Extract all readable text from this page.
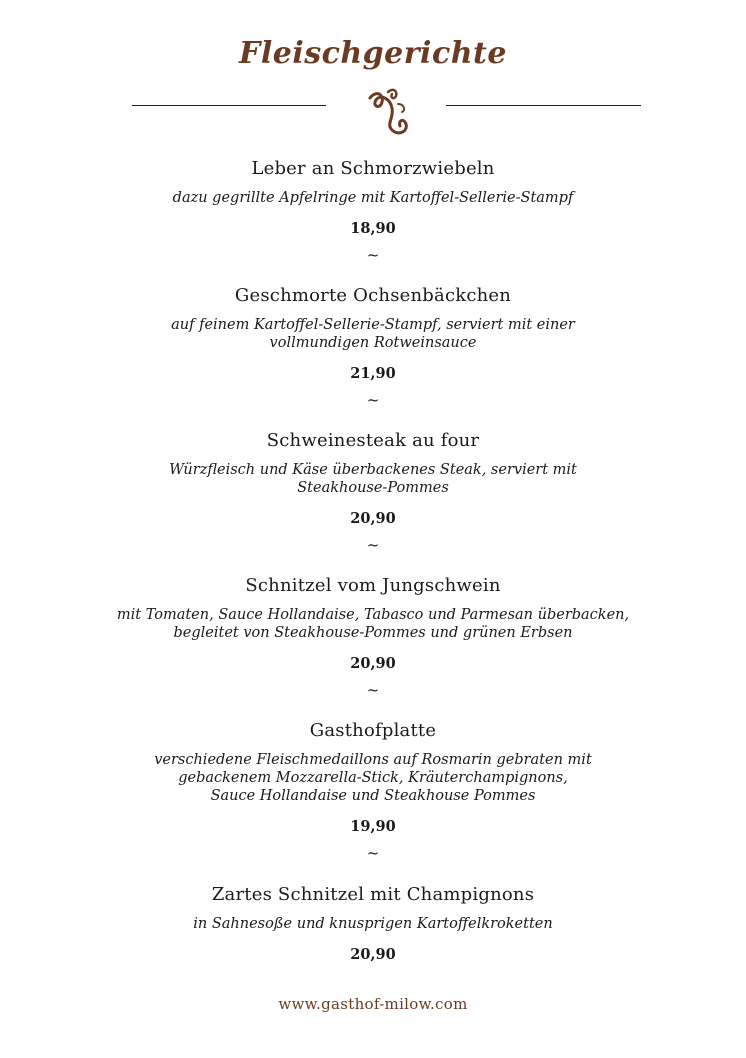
Fleischgerichte
Leber an Schmorzwiebeln
dazu gegrillte Apfelringe mit Kartoffel-Sellerie-Stampf
18,90
~
Geschmorte Ochsenbäckchen
auf feinem Kartoffel-Sellerie-Stampf, serviert mit einer
vollmundigen Rotweinsauce
21,90
~
Schweinesteak au four
Würzfleisch und Käse überbackenes Steak, serviert mit
Steakhouse-Pommes
20,90
~
Schnitzel vom Jungschwein
mit Tomaten, Sauce Hollandaise, Tabasco und Parmesan überbacken,
begleitet von Steakhouse-Pommes und grünen Erbsen
20,90
~
Gasthofplatte
verschiedene Fleischmedaillons auf Rosmarin gebraten mit
gebackenem Mozzarella-Stick, Kräuterchampignons,
Sauce Hollandaise und Steakhouse Pommes
19,90
~
Zartes Schnitzel mit Champignons
in Sahnesoße und knusprigen Kartoffelkroketten
20,90
www.gasthof-milow.com
